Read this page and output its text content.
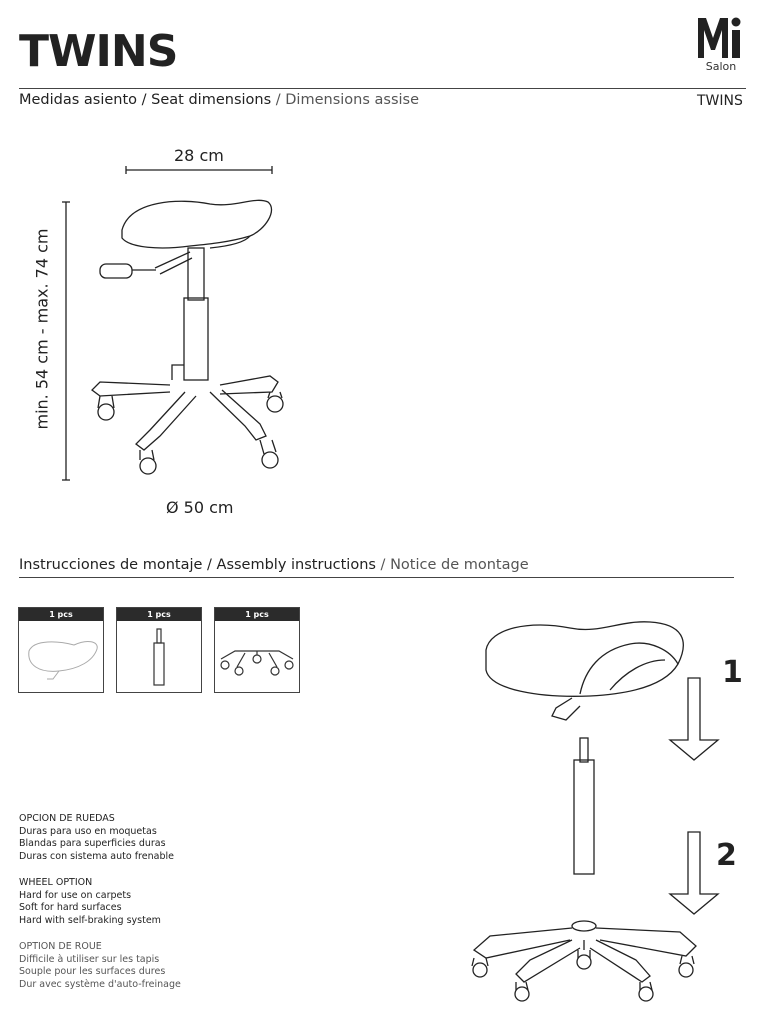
TWINS	Salon
Medidas asiento / Seat dimensions / Dimensions assise	TWINS
28 cm
min. 54 cm - max. 74 cm
Ø 50 cm
Instrucciones de montaje / Assembly instructions / Notice de montage
1 pcs	1 pcs	1 pcs
OPCION DE RUEDAS
Duras para uso en moquetas
Blandas para superficies duras
Duras con sistema auto frenable
WHEEL OPTION
Hard for use on carpets
Soft for hard surfaces
Hard with self-braking system
OPTION DE ROUE
Difficile à utiliser sur les tapis
Souple pour les surfaces dures
Dur avec système d'auto-freinage
1
2
